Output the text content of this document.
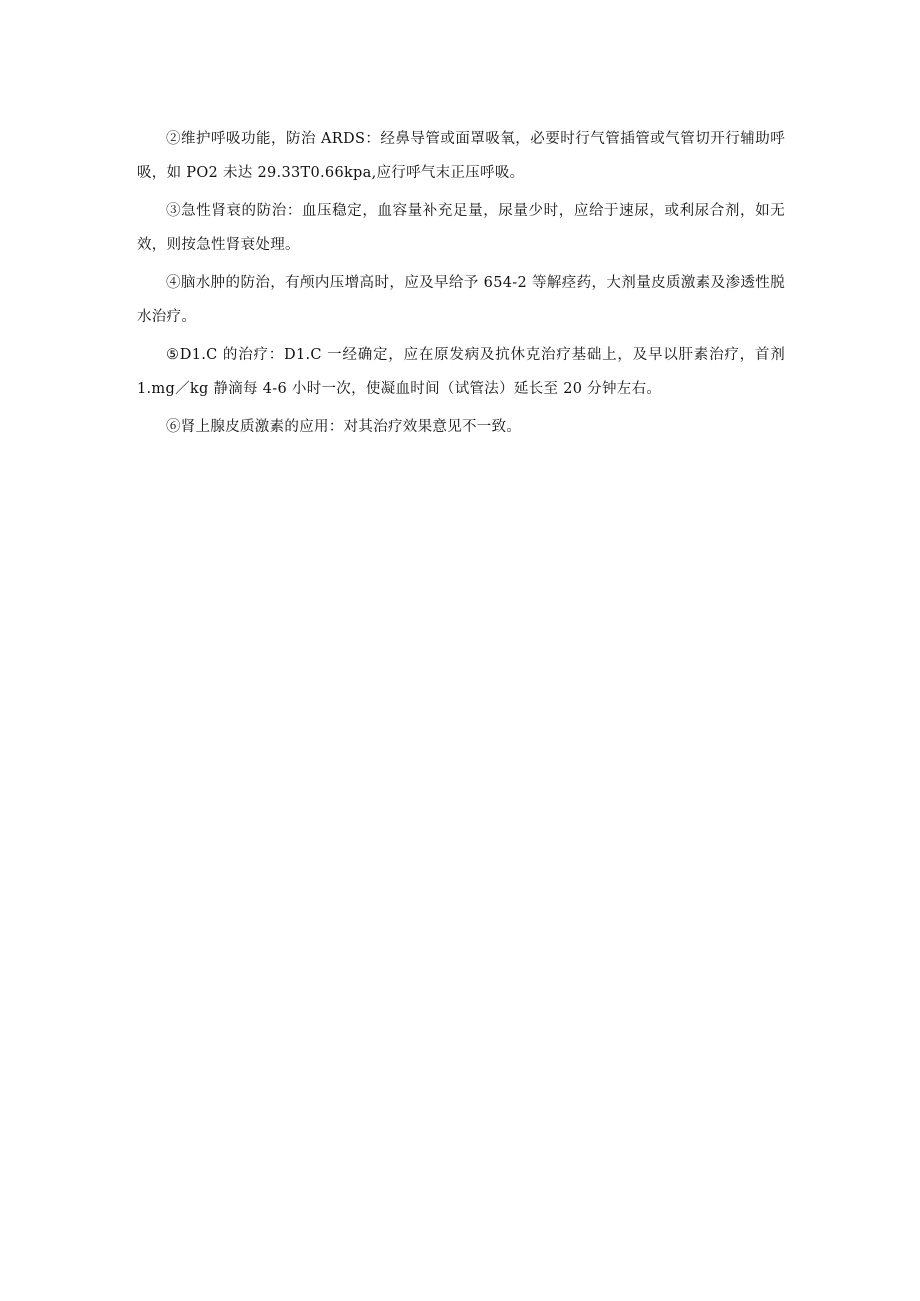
②维护呼吸功能，防治 ARDS：经鼻导管或面罩吸氧，必要时行气管插管或气管切开行辅助呼吸，如 PO2 未达 29.33T0.66kpa,应行呼气末正压呼吸。

③急性肾衰的防治：血压稳定，血容量补充足量，尿量少时，应给于速尿，或利尿合剂，如无效，则按急性肾衰处理。

④脑水肿的防治，有颅内压增高时，应及早给予 654-2 等解痉药，大剂量皮质激素及渗透性脱水治疗。

⑤D1.C 的治疗：D1.C 一经确定，应在原发病及抗休克治疗基础上，及早以肝素治疗，首剂 1.mg／kg 静滴每 4-6 小时一次，使凝血时间（试管法）延长至 20 分钟左右。

⑥肾上腺皮质激素的应用：对其治疗效果意见不一致。
